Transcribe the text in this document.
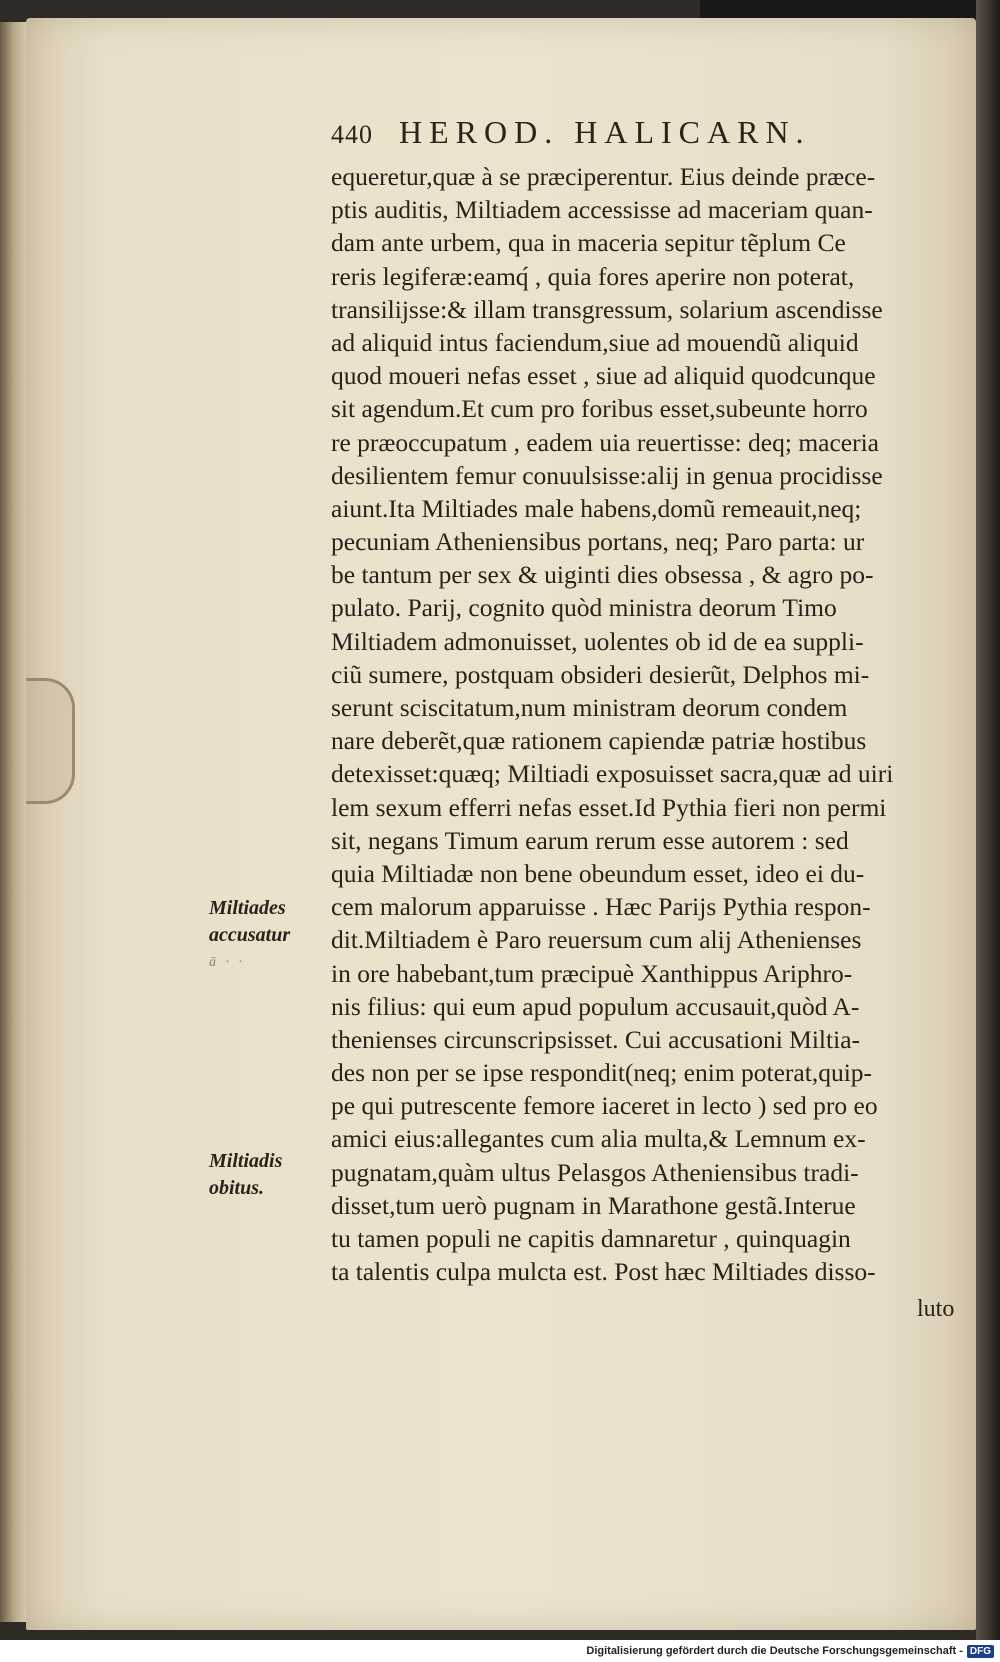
440 HEROD. HALICARN.
Miltiades
accusatur
ā · ·
Miltiadis
obitus.
equeretur,quæ à se præciperentur. Eius deinde præce-
ptis auditis, Miltiadem accessisse ad maceriam quan-
dam ante urbem, qua in maceria sepitur tẽplum Ce
reris legiferæ:eamq́ , quia fores aperire non poterat,
transilijsse:& illam transgressum, solarium ascendisse
ad aliquid intus faciendum,siue ad mouendũ aliquid
quod moueri nefas esset , siue ad aliquid quodcunque
sit agendum.Et cum pro foribus esset,subeunte horro
re præoccupatum , eadem uia reuertisse: deq; maceria
desilientem femur conuulsisse:alij in genua procidisse
aiunt.Ita Miltiades male habens,domũ remeauit,neq;
pecuniam Atheniensibus portans, neq; Paro parta: ur
be tantum per sex & uiginti dies obsessa , & agro po-
pulato. Parij, cognito quòd ministra deorum Timo
Miltiadem admonuisset, uolentes ob id de ea suppli-
ciũ sumere, postquam obsideri desierũt, Delphos mi-
serunt sciscitatum,num ministram deorum condem
nare deberẽt,quæ rationem capiendæ patriæ hostibus
detexisset:quæq; Miltiadi exposuisset sacra,quæ ad uiri
lem sexum efferri nefas esset.Id Pythia fieri non permi
sit, negans Timum earum rerum esse autorem : sed
quia Miltiadæ non bene obeundum esset, ideo ei du-
cem malorum apparuisse . Hæc Parijs Pythia respon-
dit.Miltiadem è Paro reuersum cum alij Athenienses
in ore habebant,tum præcipuè Xanthippus Ariphro-
nis filius: qui eum apud populum accusauit,quòd A-
thenienses circunscripsisset. Cui accusationi Miltia-
des non per se ipse respondit(neq; enim poterat,quip-
pe qui putrescente femore iaceret in lecto ) sed pro eo
amici eius:allegantes cum alia multa,& Lemnum ex-
pugnatam,quàm ultus Pelasgos Atheniensibus tradi-
disset,tum uerò pugnam in Marathone gestã.Interue
tu tamen populi ne capitis damnaretur , quinquagin
ta talentis culpa mulcta est. Post hæc Miltiades disso-
luto
Digitalisierung gefördert durch die Deutsche Forschungsgemeinschaft - DFG
